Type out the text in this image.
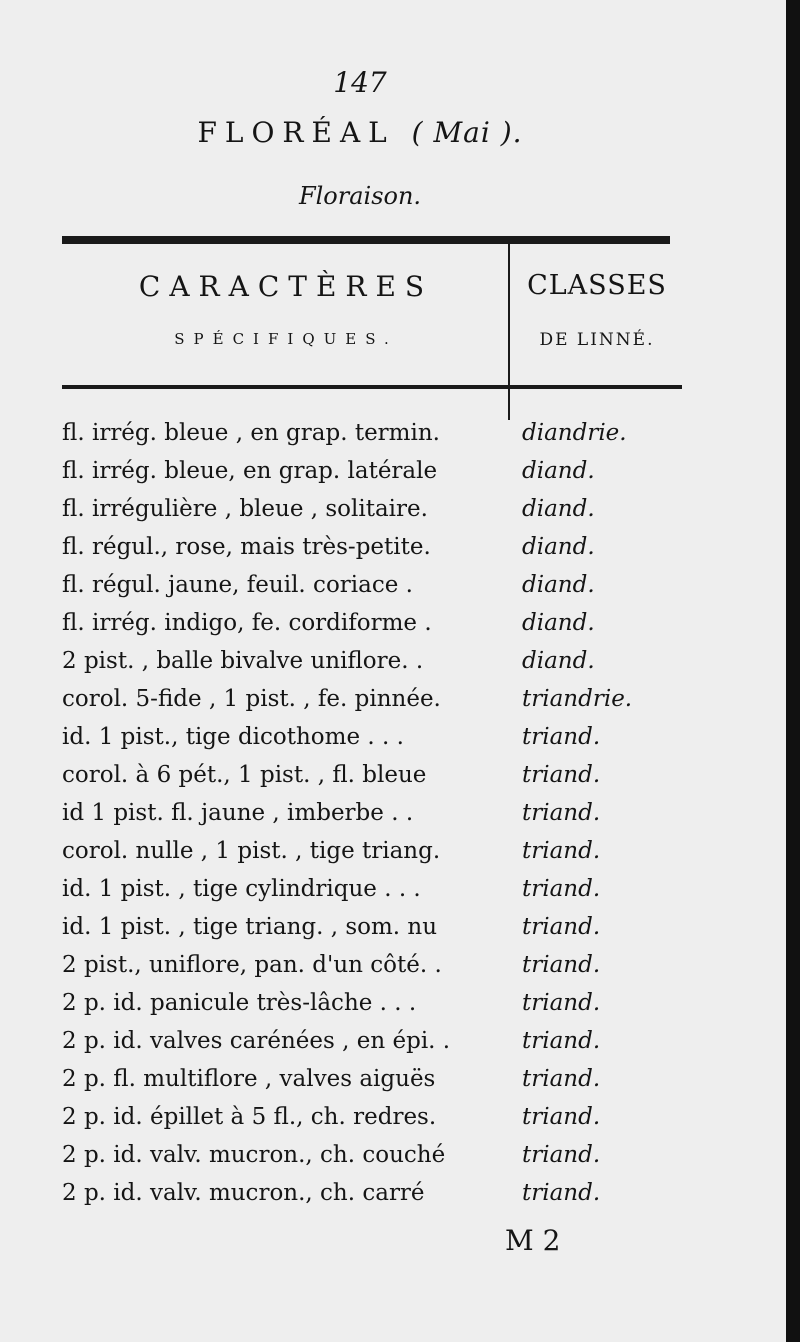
147
FLORÉAL ( Mai ).
Floraison.
CARACTÈRES
SPÉCIFIQUES.
CLASSES
DE LINNÉ.
fl. irrég. bleue , en grap. termin.	diandrie.
fl. irrég. bleue, en grap. latérale	diand.
fl. irrégulière , bleue , solitaire.	diand.
fl. régul., rose, mais très-petite.	diand.
fl. régul. jaune, feuil. coriace .	diand.
fl. irrég. indigo, fe. cordiforme .	diand.
2 pist. , balle bivalve uniflore. .	diand.
corol. 5-fide , 1 pist. , fe. pinnée.	triandrie.
id. 1 pist., tige dicothome . . .	triand.
corol. à 6 pét., 1 pist. , fl. bleue	triand.
id 1 pist. fl. jaune , imberbe . .	triand.
corol. nulle , 1 pist. , tige triang.	triand.
id. 1 pist. , tige cylindrique . . .	triand.
id. 1 pist. , tige triang. , som. nu	triand.
2 pist., uniflore, pan. d'un côté. .	triand.
2 p. id. panicule très-lâche . . .	triand.
2 p. id. valves carénées , en épi. .	triand.
2 p. fl. multiflore , valves aiguës	triand.
2 p. id. épillet à 5 fl., ch. redres.	triand.
2 p. id. valv. mucron., ch. couché	triand.
2 p. id. valv. mucron., ch. carré	triand.
M 2
